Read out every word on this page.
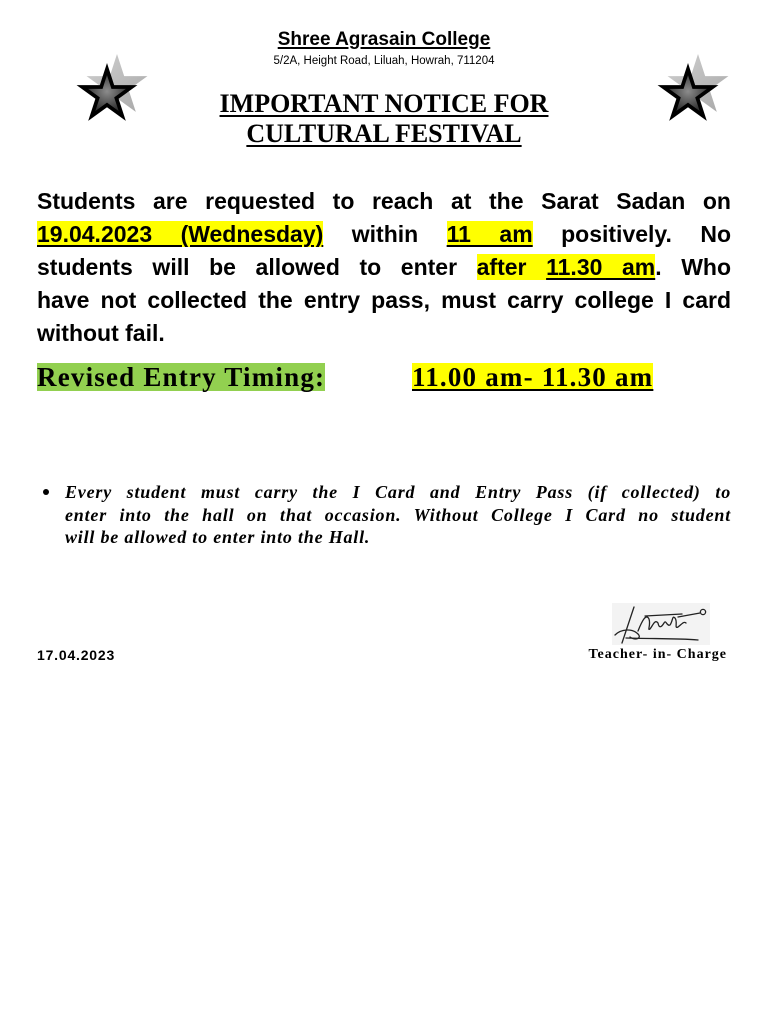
Shree Agrasain College
5/2A, Height Road, Liluah, Howrah, 711204
IMPORTANT NOTICE FOR
CULTURAL FESTIVAL
Students are requested to reach at the Sarat Sadan on
19.04.2023 (Wednesday) within 11 am positively. No
students will be allowed to enter after 11.30 am. Who
have not collected the entry pass, must carry college I card
without fail.
Revised Entry Timing:	11.00 am- 11.30 am
Every student must carry the I Card and Entry Pass (if collected) to
enter into the hall on that occasion. Without College I Card no student
will be allowed to enter into the Hall.
17.04.2023	Teacher- in- Charge
